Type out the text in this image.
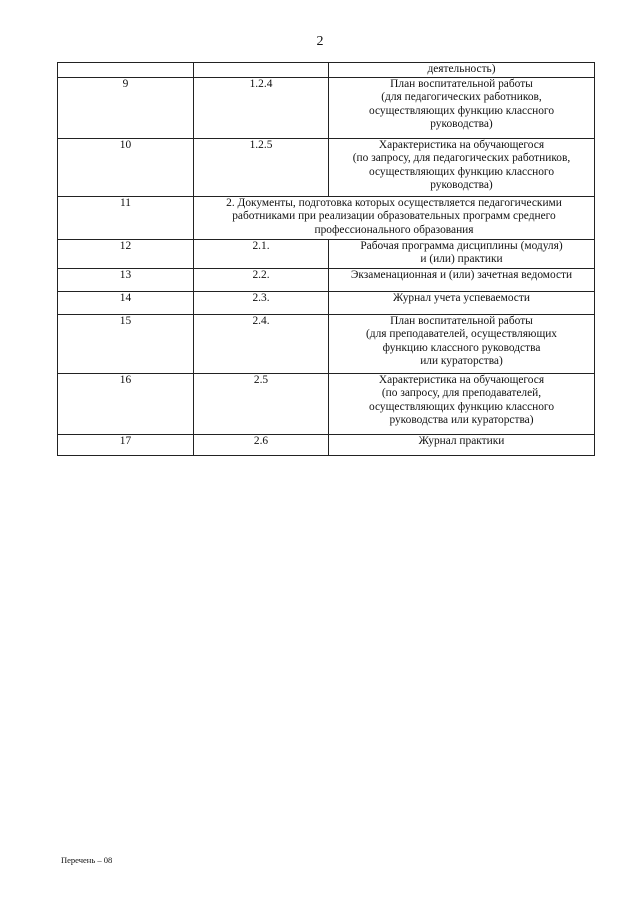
2
		деятельность)
9	1.2.4	План воспитательной работы
(для педагогических работников,
осуществляющих функцию классного
руководства)
10	1.2.5	Характеристика на обучающегося
(по запросу, для педагогических работников,
осуществляющих функцию классного
руководства)
11	2. Документы, подготовка которых осуществляется педагогическими
работниками при реализации образовательных программ среднего
профессионального образования	
12	2.1.	Рабочая программа дисциплины (модуля)
и (или) практики
13	2.2.	Экзаменационная и (или) зачетная ведомости
14	2.3.	Журнал учета успеваемости
15	2.4.	План воспитательной работы
(для преподавателей, осуществляющих
функцию классного руководства
или кураторства)
16	2.5	Характеристика на обучающегося
(по запросу, для преподавателей,
осуществляющих функцию классного
руководства или кураторства)
17	2.6	Журнал практики
Перечень – 08
